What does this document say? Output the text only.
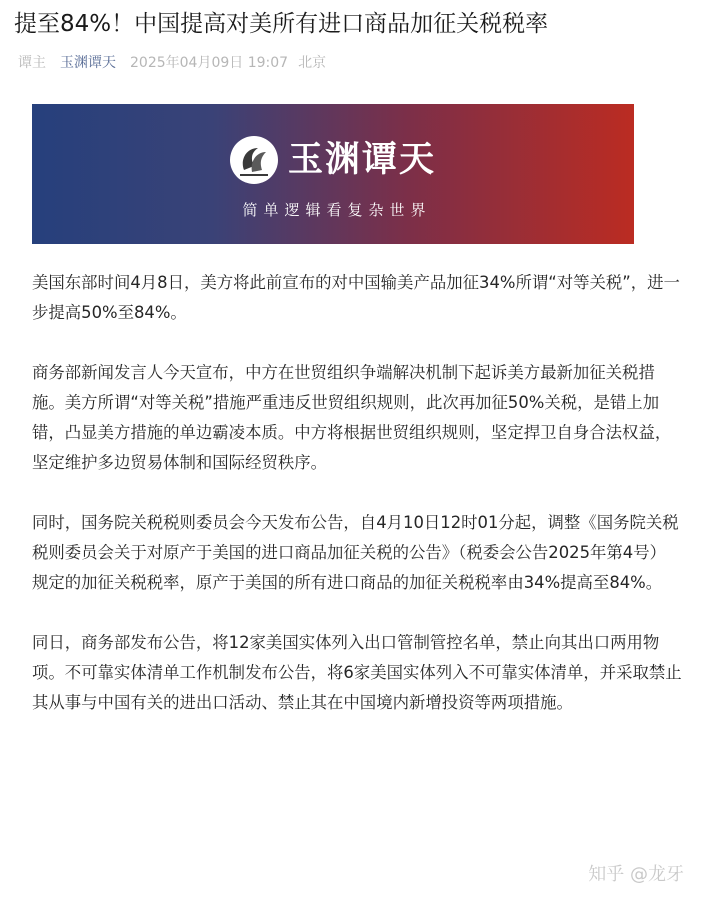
提至84%！中国提高对美所有进口商品加征关税税率
谭主 玉渊谭天 2025年04月09日 19:07 北京
玉渊谭天
简单逻辑看复杂世界

美国东部时间4月8日，美方将此前宣布的对中国输美产品加征34%所谓“对等关税”，进一步提高50%至84%。

商务部新闻发言人今天宣布，中方在世贸组织争端解决机制下起诉美方最新加征关税措施。美方所谓“对等关税”措施严重违反世贸组织规则，此次再加征50%关税，是错上加错，凸显美方措施的单边霸凌本质。中方将根据世贸组织规则，坚定捍卫自身合法权益，坚定维护多边贸易体制和国际经贸秩序。

同时，国务院关税税则委员会今天发布公告，自4月10日12时01分起，调整《国务院关税税则委员会关于对原产于美国的进口商品加征关税的公告》（税委会公告2025年第4号）规定的加征关税税率，原产于美国的所有进口商品的加征关税税率由34%提高至84%。

同日，商务部发布公告，将12家美国实体列入出口管制管控名单，禁止向其出口两用物项。不可靠实体清单工作机制发布公告，将6家美国实体列入不可靠实体清单，并采取禁止其从事与中国有关的进出口活动、禁止其在中国境内新增投资等两项措施。

知乎 @龙牙
